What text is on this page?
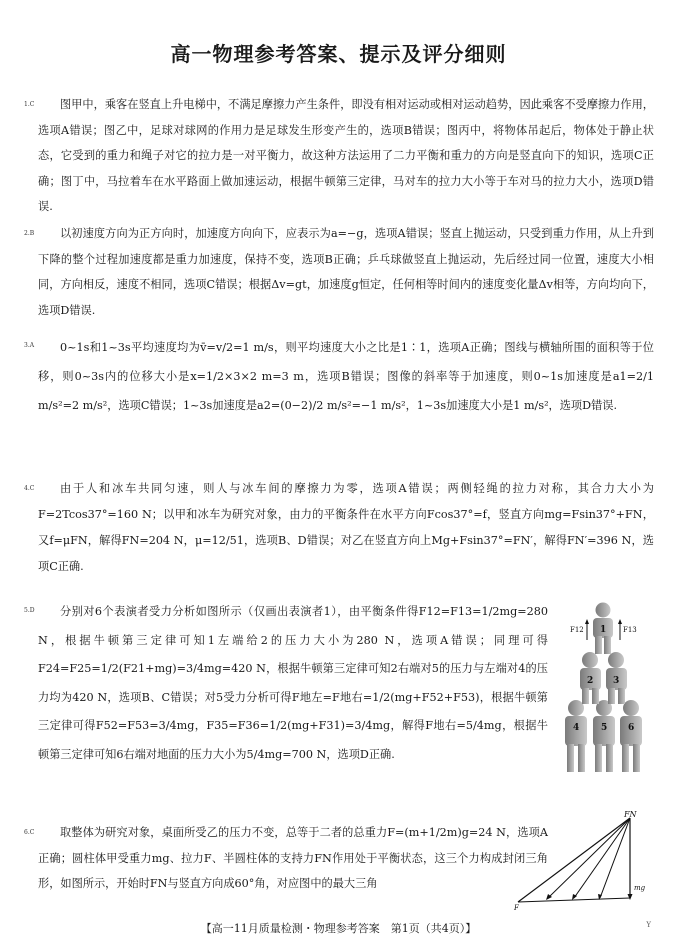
高一物理参考答案、提示及评分细则
1.C	图甲中，乘客在竖直上升电梯中，不满足摩擦力产生条件，即没有相对运动或相对运动趋势，因此乘客不受摩擦力作用，选项A错误；图乙中，足球对球网的作用力是足球发生形变产生的，选项B错误；图丙中，将物体吊起后，物体处于静止状态，它受到的重力和绳子对它的拉力是一对平衡力，故这种方法运用了二力平衡和重力的方向是竖直向下的知识，选项C正确；图丁中，马拉着车在水平路面上做加速运动，根据牛顿第三定律，马对车的拉力大小等于车对马的拉力大小，选项D错误.
2.B	以初速度方向为正方向时，加速度方向向下，应表示为a=−g，选项A错误；竖直上抛运动，只受到重力作用，从上升到下降的整个过程加速度都是重力加速度，保持不变，选项B正确；乒乓球做竖直上抛运动，先后经过同一位置，速度大小相同，方向相反，速度不相同，选项C错误；根据Δv=gt，加速度g恒定，任何相等时间内的速度变化量Δv相等，方向均向下，选项D错误.
3.A	0~1s和1~3s平均速度均为v̄=v/2=1 m/s，则平均速度大小之比是1∶1，选项A正确；图线与横轴所围的面积等于位移，则0~3s内的位移大小是x=1/2×3×2 m=3 m，选项B错误；图像的斜率等于加速度，则0~1s加速度是a1=2/1 m/s²=2 m/s²，选项C错误；1~3s加速度是a2=(0−2)/2 m/s²=−1 m/s²，1~3s加速度大小是1 m/s²，选项D错误.
4.C	由于人和冰车共同匀速，则人与冰车间的摩擦力为零，选项A错误；两侧轻绳的拉力对称，其合力大小为F=2Tcos37°=160 N；以甲和冰车为研究对象，由力的平衡条件在水平方向Fcos37°=f，竖直方向mg=Fsin37°+FN，又f=μFN，解得FN=204 N，μ=12/51，选项B、D错误；对乙在竖直方向上Mg+Fsin37°=FN′，解得FN′=396 N，选项C正确.
5.D	分别对6个表演者受力分析如图所示（仅画出表演者1），由平衡条件得F12=F13=1/2mg=280 N，根据牛顿第三定律可知1左端给2的压力大小为280 N，选项A错误；同理可得F24=F25=1/2(F21+mg)=3/4mg=420 N，根据牛顿第三定律可知2右端对5的压力与左端对4的压力均为420 N，选项B、C错误；对5受力分析可得F地左=F地右=1/2(mg+F52+F53)，根据牛顿第三定律可得F52=F53=3/4mg，F35=F36=1/2(mg+F31)=3/4mg，解得F地右=5/4mg，根据牛顿第三定律可知6右端对地面的压力大小为5/4mg=700 N，选项D正确.
6.C	取整体为研究对象，桌面所受乙的压力不变，总等于二者的总重力F=(m+1/2m)g=24 N，选项A正确；圆柱体甲受重力mg、拉力F、半圆柱体的支持力FN作用处于平衡状态，这三个力构成封闭三角形，如图所示，开始时FN与竖直方向成60°角，对应图中的最大三角
F12	F13
1
2 3
4 5 6
FN
mg
F
【高一11月质量检测・物理参考答案　第1页（共4页）】	Y
